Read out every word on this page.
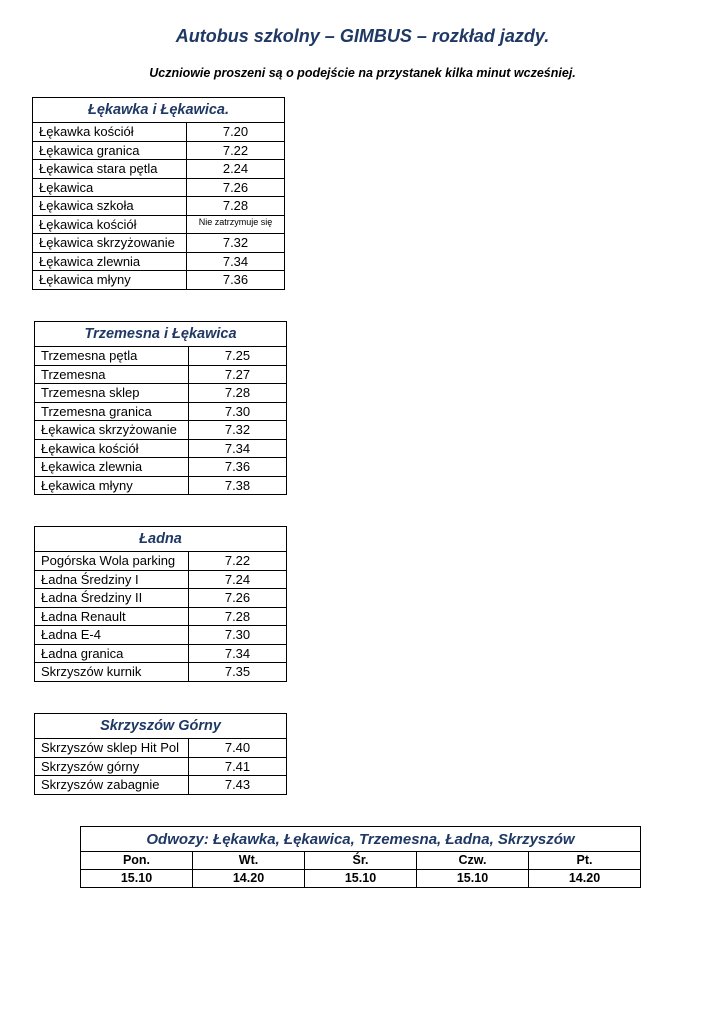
Autobus szkolny – GIMBUS – rozkład jazdy.
Uczniowie proszeni są o podejście na przystanek kilka minut wcześniej.
Łękawka i Łękawica.	
Łękawka kościół	7.20
Łękawica granica	7.22
Łękawica stara pętla	2.24
Łękawica	7.26
Łękawica szkoła	7.28
Łękawica kościół	Nie zatrzymuje się
Łękawica skrzyżowanie	7.32
Łękawica zlewnia	7.34
Łękawica młyny	7.36
Trzemesna i Łękawica	
Trzemesna pętla	7.25
Trzemesna	7.27
Trzemesna sklep	7.28
Trzemesna granica	7.30
Łękawica skrzyżowanie	7.32
Łękawica kościół	7.34
Łękawica zlewnia	7.36
Łękawica młyny	7.38
Ładna	
Pogórska Wola parking	7.22
Ładna Średziny I	7.24
Ładna Średziny II	7.26
Ładna Renault	7.28
Ładna E-4	7.30
Ładna granica	7.34
Skrzyszów kurnik	7.35
Skrzyszów Górny	
Skrzyszów sklep Hit Pol	7.40
Skrzyszów górny	7.41
Skrzyszów zabagnie	7.43
Odwozy: Łękawka, Łękawica, Trzemesna, Ładna, Skrzyszów				
Pon.	Wt.	Śr.	Czw.	Pt.
15.10	14.20	15.10	15.10	14.20
